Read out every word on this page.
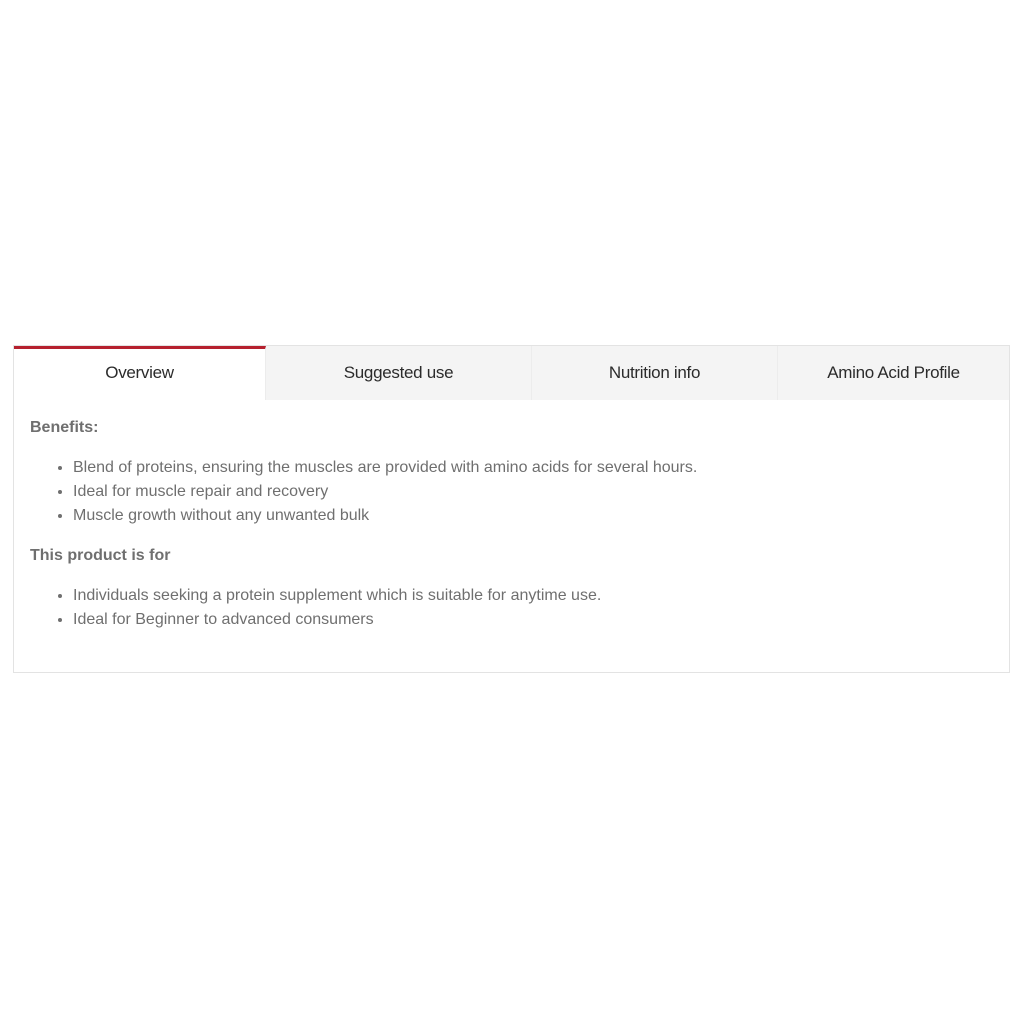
Overview	Suggested use	Nutrition info	Amino Acid Profile

Benefits:

• Blend of proteins, ensuring the muscles are provided with amino acids for several hours.
• Ideal for muscle repair and recovery
• Muscle growth without any unwanted bulk

This product is for

• Individuals seeking a protein supplement which is suitable for anytime use.
• Ideal for Beginner to advanced consumers
